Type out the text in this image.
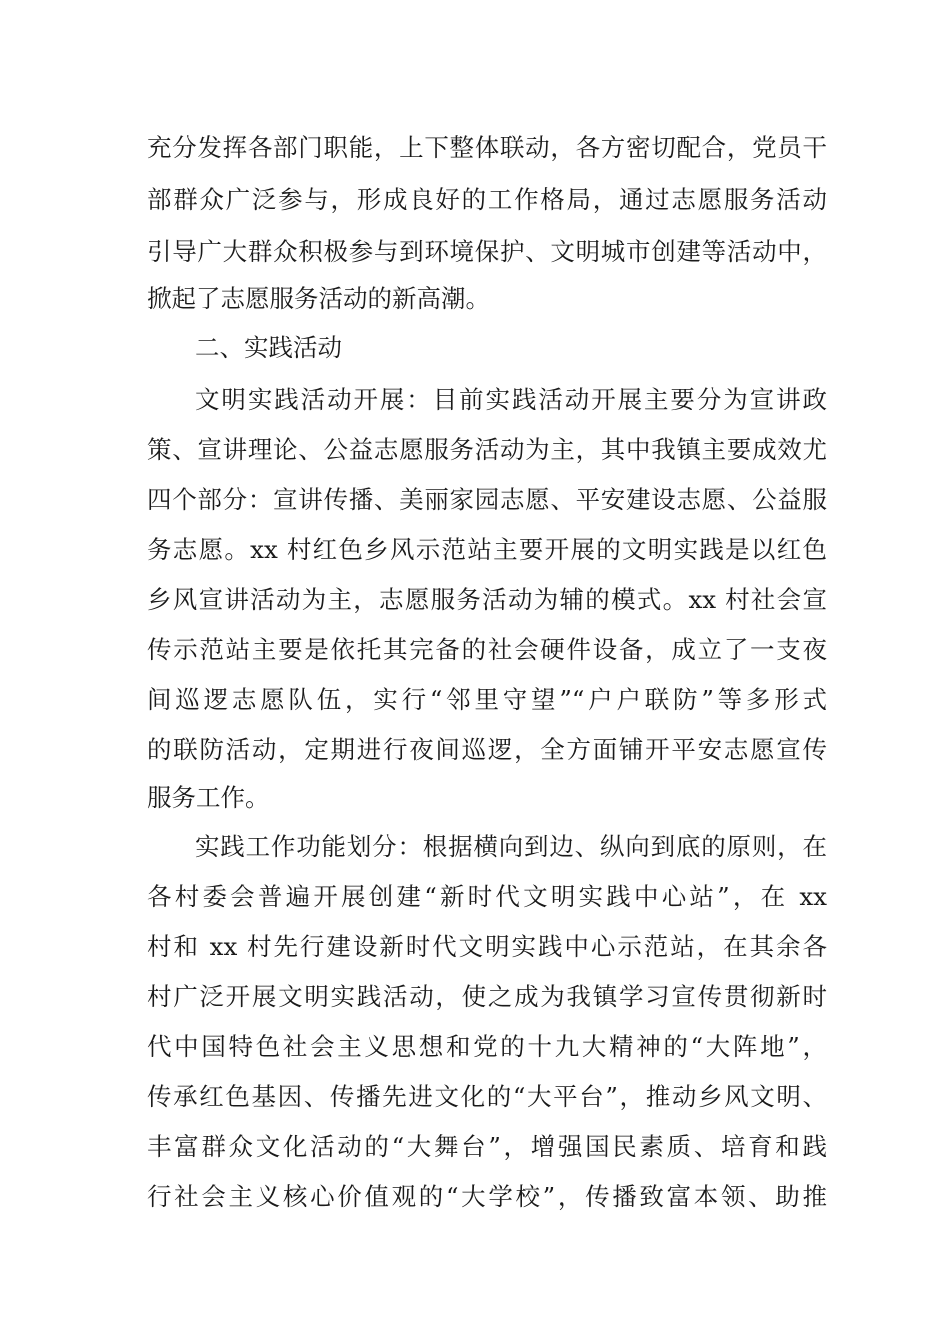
充分发挥各部门职能，上下整体联动，各方密切配合，党员干
部群众广泛参与，形成良好的工作格局，通过志愿服务活动
引导广大群众积极参与到环境保护、文明城市创建等活动中，
掀起了志愿服务活动的新高潮。
二、实践活动
文明实践活动开展：目前实践活动开展主要分为宣讲政
策、宣讲理论、公益志愿服务活动为主，其中我镇主要成效尤
四个部分：宣讲传播、美丽家园志愿、平安建设志愿、公益服
务志愿。xx 村红色乡风示范站主要开展的文明实践是以红色
乡风宣讲活动为主，志愿服务活动为辅的模式。xx 村社会宣
传示范站主要是依托其完备的社会硬件设备，成立了一支夜
间巡逻志愿队伍，实行“邻里守望”“户户联防”等多形式
的联防活动，定期进行夜间巡逻，全方面铺开平安志愿宣传
服务工作。
实践工作功能划分：根据横向到边、纵向到底的原则，在
各村委会普遍开展创建“新时代文明实践中心站”，在 xx
村和 xx 村先行建设新时代文明实践中心示范站，在其余各
村广泛开展文明实践活动，使之成为我镇学习宣传贯彻新时
代中国特色社会主义思想和党的十九大精神的“大阵地”，
传承红色基因、传播先进文化的“大平台”，推动乡风文明、
丰富群众文化活动的“大舞台”，增强国民素质、培育和践
行社会主义核心价值观的“大学校”，传播致富本领、助推
